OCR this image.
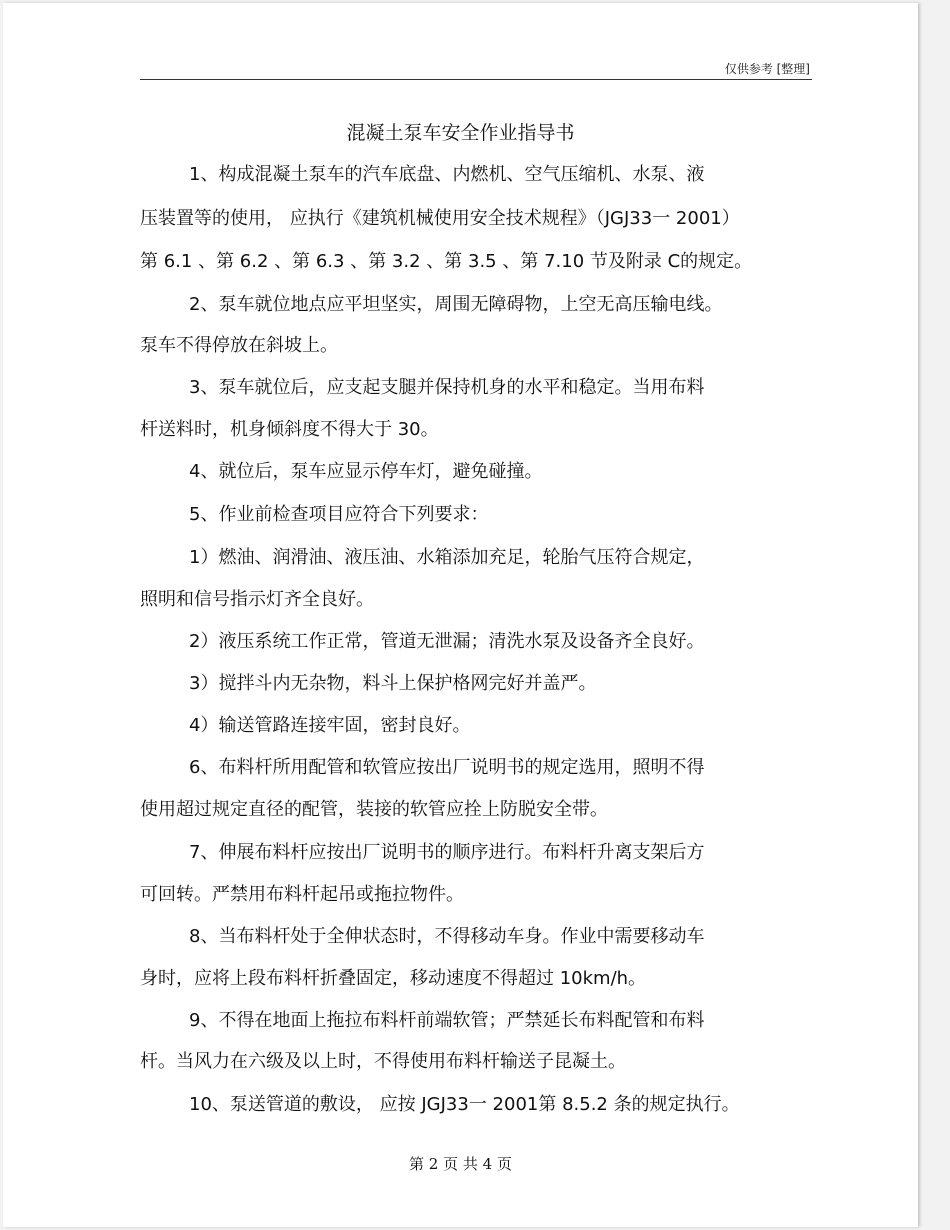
仅供参考 [整理]
混凝土泵车安全作业指导书
1、构成混凝土泵车的汽车底盘、内燃机、空气压缩机、水泵、液
压装置等的使用， 应执行《建筑机械使用安全技术规程》（JGJ33一 2001）
第 6.1 、第 6.2 、第 6.3 、第 3.2 、第 3.5 、第 7.10 节及附录 C的规定。
2、泵车就位地点应平坦坚实，周围无障碍物，上空无高压输电线。
泵车不得停放在斜坡上。
3、泵车就位后，应支起支腿并保持机身的水平和稳定。当用布料
杆送料时，机身倾斜度不得大于 30。
4、就位后，泵车应显示停车灯，避免碰撞。
5、作业前检查项目应符合下列要求：
1）燃油、润滑油、液压油、水箱添加充足，轮胎气压符合规定，
照明和信号指示灯齐全良好。
2）液压系统工作正常，管道无泄漏；清洗水泵及设备齐全良好。
3）搅拌斗内无杂物，料斗上保护格网完好并盖严。
4）输送管路连接牢固，密封良好。
6、布料杆所用配管和软管应按出厂说明书的规定选用，照明不得
使用超过规定直径的配管，装接的软管应拴上防脱安全带。
7、伸展布料杆应按出厂说明书的顺序进行。布料杆升离支架后方
可回转。严禁用布料杆起吊或拖拉物件。
8、当布料杆处于全伸状态时，不得移动车身。作业中需要移动车
身时，应将上段布料杆折叠固定，移动速度不得超过 10km/h。
9、不得在地面上拖拉布料杆前端软管；严禁延长布料配管和布料
杆。当风力在六级及以上时，不得使用布料杆输送子昆凝土。
10、泵送管道的敷设， 应按 JGJ33一 2001第 8.5.2 条的规定执行。
第 2 页 共 4 页
